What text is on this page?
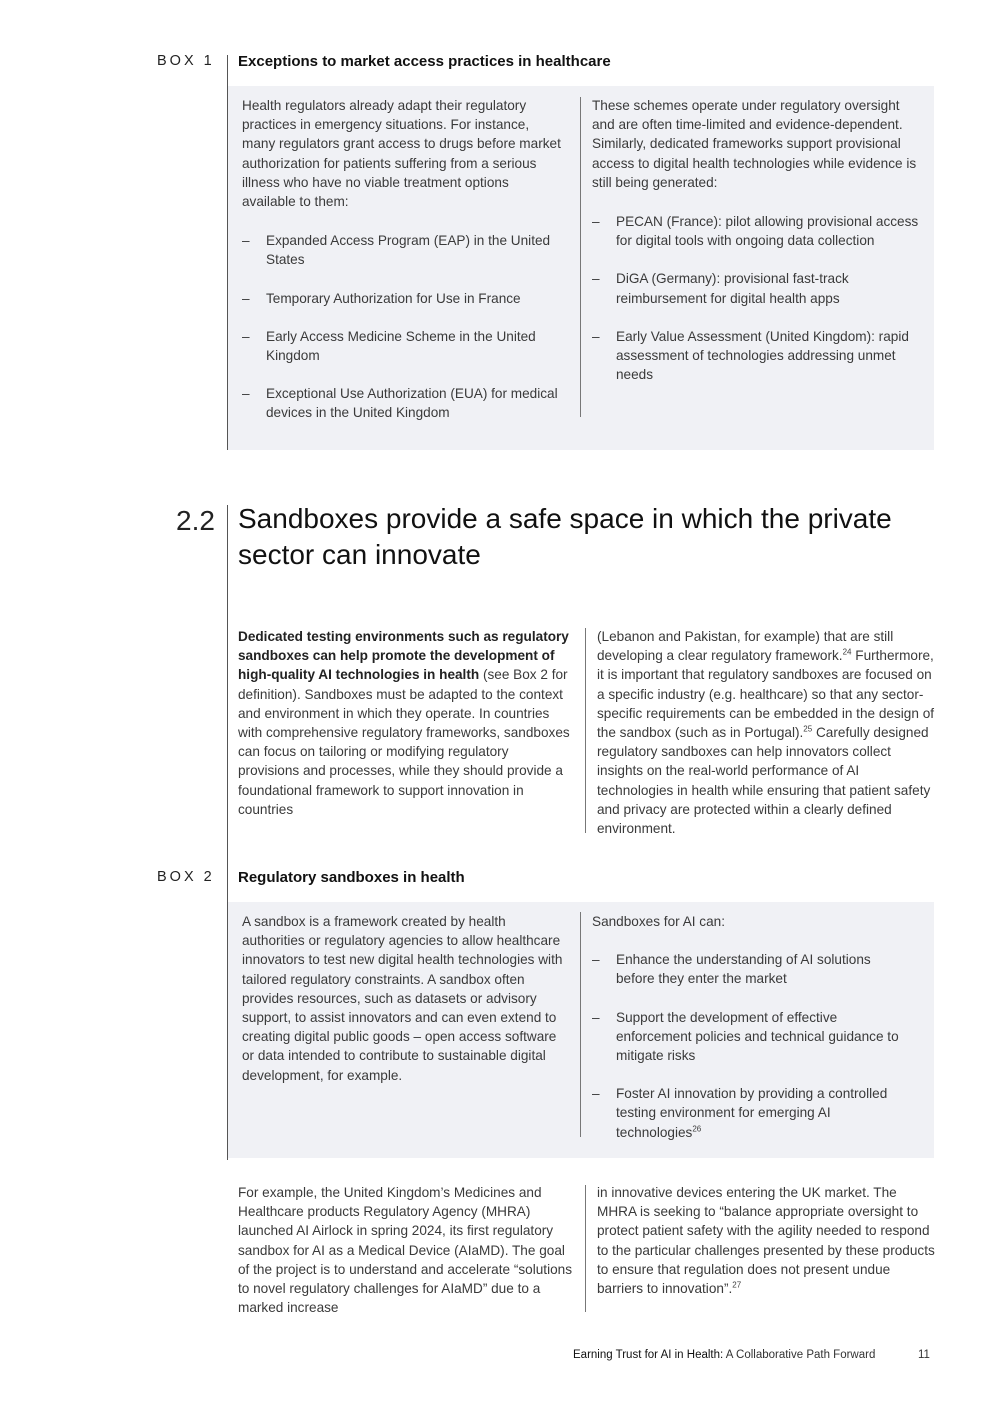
BOX 1 Exceptions to market access practices in healthcare

Health regulators already adapt their regulatory practices in emergency situations. For instance, many regulators grant access to drugs before market authorization for patients suffering from a serious illness who have no viable treatment options available to them:

– Expanded Access Program (EAP) in the United States
– Temporary Authorization for Use in France
– Early Access Medicine Scheme in the United Kingdom
– Exceptional Use Authorization (EUA) for medical devices in the United Kingdom

These schemes operate under regulatory oversight and are often time-limited and evidence-dependent. Similarly, dedicated frameworks support provisional access to digital health technologies while evidence is still being generated:

– PECAN (France): pilot allowing provisional access for digital tools with ongoing data collection
– DiGA (Germany): provisional fast-track reimbursement for digital health apps
– Early Value Assessment (United Kingdom): rapid assessment of technologies addressing unmet needs
2.2 Sandboxes provide a safe space in which the private sector can innovate

Dedicated testing environments such as regulatory sandboxes can help promote the development of high-quality AI technologies in health (see Box 2 for definition). Sandboxes must be adapted to the context and environment in which they operate. In countries with comprehensive regulatory frameworks, sandboxes can focus on tailoring or modifying regulatory provisions and processes, while they should provide a foundational framework to support innovation in countries

(Lebanon and Pakistan, for example) that are still developing a clear regulatory framework.$^{24}$ Furthermore, it is important that regulatory sandboxes are focused on a specific industry (e.g. healthcare) so that any sector-specific requirements can be embedded in the design of the sandbox (such as in Portugal).$^{25}$ Carefully designed regulatory sandboxes can help innovators collect insights on the real-world performance of AI technologies in health while ensuring that patient safety and privacy are protected within a clearly defined environment.

BOX 2 Regulatory sandboxes in health

A sandbox is a framework created by health authorities or regulatory agencies to allow healthcare innovators to test new digital health technologies with tailored regulatory constraints. A sandbox often provides resources, such as datasets or advisory support, to assist innovators and can even extend to creating digital public goods – open access software or data intended to contribute to sustainable digital development, for example.

Sandboxes for AI can:

– Enhance the understanding of AI solutions before they enter the market
– Support the development of effective enforcement policies and technical guidance to mitigate risks
– Foster AI innovation by providing a controlled testing environment for emerging AI technologies$^{26}$

For example, the United Kingdom’s Medicines and Healthcare products Regulatory Agency (MHRA) launched AI Airlock in spring 2024, its first regulatory sandbox for AI as a Medical Device (AIaMD). The goal of the project is to understand and accelerate “solutions to novel regulatory challenges for AIaMD” due to a marked increase

in innovative devices entering the UK market. The MHRA is seeking to “balance appropriate oversight to protect patient safety with the agility needed to respond to the particular challenges presented by these products to ensure that regulation does not present undue barriers to innovation”.$^{27}$

Earning Trust for AI in Health: A Collaborative Path Forward	11
